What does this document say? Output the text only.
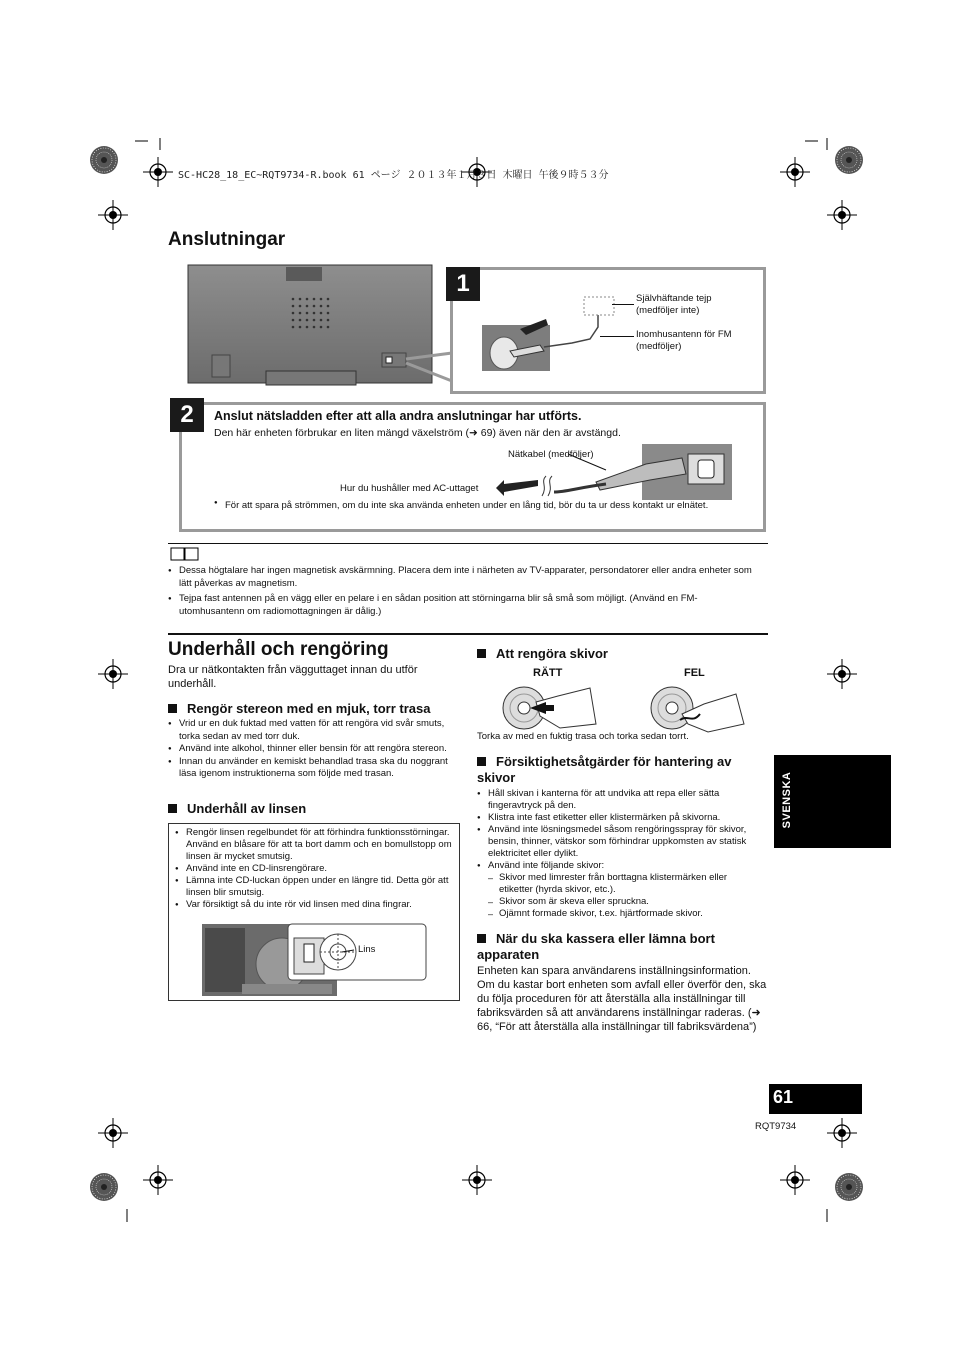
SC-HC28_18_EC~RQT9734-R.book 61 ページ ２０１３年１月３日 木曜日 午後９時５３分
Anslutningar
1
Självhäftande tejp (medföljer inte)
Inomhusantenn för FM (medföljer)
2	Anslut nätsladden efter att alla andra anslutningar har utförts.
Den här enheten förbrukar en liten mängd växelström (➜ 69) även när den är avstängd.
Nätkabel (medföljer)
Hur du hushåller med AC-uttaget
● För att spara på strömmen, om du inte ska använda enheten under en lång tid, bör du ta ur dess kontakt ur elnätet.
● Dessa högtalare har ingen magnetisk avskärmning. Placera dem inte i närheten av TV-apparater, persondatorer eller andra enheter som lätt påverkas av magnetism.
● Tejpa fast antennen på en vägg eller en pelare i en sådan position att störningarna blir så små som möjligt. (Använd en FM-utomhusantenn om radiomottagningen är dålig.)
Underhåll och rengöring
Dra ur nätkontakten från vägguttaget innan du utför underhåll.
Rengör stereon med en mjuk, torr trasa
● Vrid ur en duk fuktad med vatten för att rengöra vid svår smuts, torka sedan av med torr duk.
● Använd inte alkohol, thinner eller bensin för att rengöra stereon.
● Innan du använder en kemiskt behandlad trasa ska du noggrant läsa igenom instruktionerna som följde med trasan.
Underhåll av linsen
● Rengör linsen regelbundet för att förhindra funktionsstörningar. Använd en blåsare för att ta bort damm och en bomullstopp om linsen är mycket smutsig.
● Använd inte en CD-linsrengörare.
● Lämna inte CD-luckan öppen under en längre tid. Detta gör att linsen blir smutsig.
● Var försiktigt så du inte rör vid linsen med dina fingrar.
Lins
Att rengöra skivor
RÄTT	FEL
Torka av med en fuktig trasa och torka sedan torrt.
Försiktighetsåtgärder för hantering av skivor
● Håll skivan i kanterna för att undvika att repa eller sätta fingeravtryck på den.
● Klistra inte fast etiketter eller klistermärken på skivorna.
● Använd inte lösningsmedel såsom rengöringsspray för skivor, bensin, thinner, vätskor som förhindrar uppkomsten av statisk elektricitet eller dylikt.
● Använd inte följande skivor:
– Skivor med limrester från borttagna klistermärken eller etiketter (hyrda skivor, etc.).
– Skivor som är skeva eller spruckna.
– Ojämnt formade skivor, t.ex. hjärtformade skivor.
När du ska kassera eller lämna bort apparaten
Enheten kan spara användarens inställningsinformation. Om du kastar bort enheten som avfall eller överför den, ska du följa proceduren för att återställa alla inställningar till fabriksvärden så att användarens inställningar raderas. (➜ 66, “För att återställa alla inställningar till fabriksvärdena”)
SVENSKA
61
RQT9734
